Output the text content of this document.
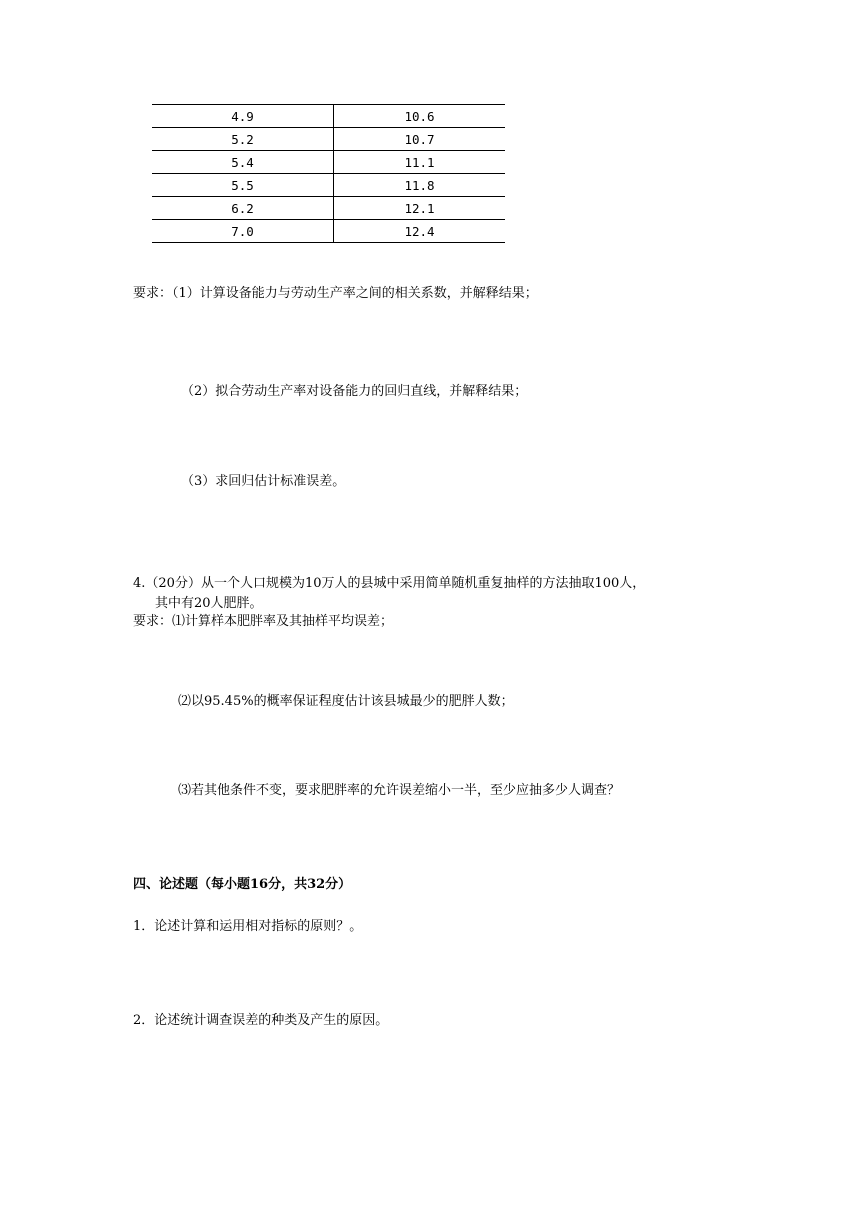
4.9	10.6
5.2	10.7
5.4	11.1
5.5	11.8
6.2	12.1
7.0	12.4
要求：（1）计算设备能力与劳动生产率之间的相关系数，并解释结果；
（2）拟合劳动生产率对设备能力的回归直线，并解释结果；
（3）求回归估计标准误差。
4.（20分）从一个人口规模为10万人的县城中采用简单随机重复抽样的方法抽取100人，
其中有20人肥胖。
要求：⑴计算样本肥胖率及其抽样平均误差；
⑵以95.45%的概率保证程度估计该县城最少的肥胖人数；
⑶若其他条件不变，要求肥胖率的允许误差缩小一半，至少应抽多少人调查？
四、论述题（每小题16分，共32分）
1．论述计算和运用相对指标的原则？。
2．论述统计调查误差的种类及产生的原因。
